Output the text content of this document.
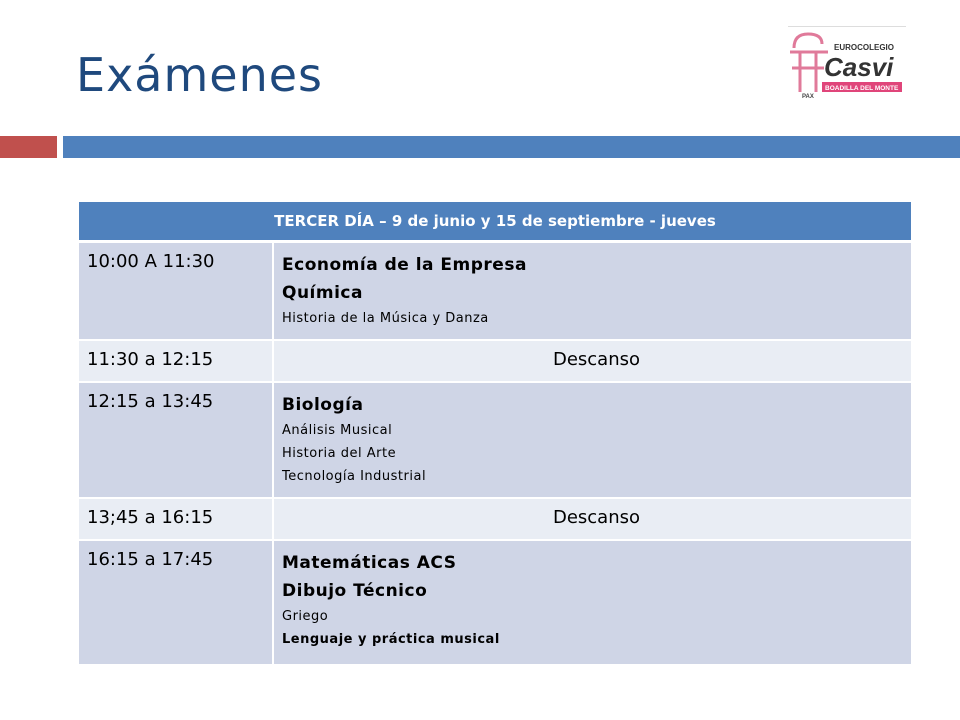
Exámenes	PAX
EUROCOLEGIO
Casvi
BOADILLA DEL MONTE
TERCER DÍA – 9 de junio y 15 de septiembre - jueves	
10:00 A 11:30	Economía de la Empresa
Química
Historia de la Música y Danza

11:30 a 12:15	Descanso
12:15 a 13:45	Biología
Análisis Musical
Historia del Arte
Tecnología Industrial

13;45 a 16:15	Descanso
16:15 a 17:45	Matemáticas ACS
Dibujo Técnico
Griego
Lenguaje y práctica musical
